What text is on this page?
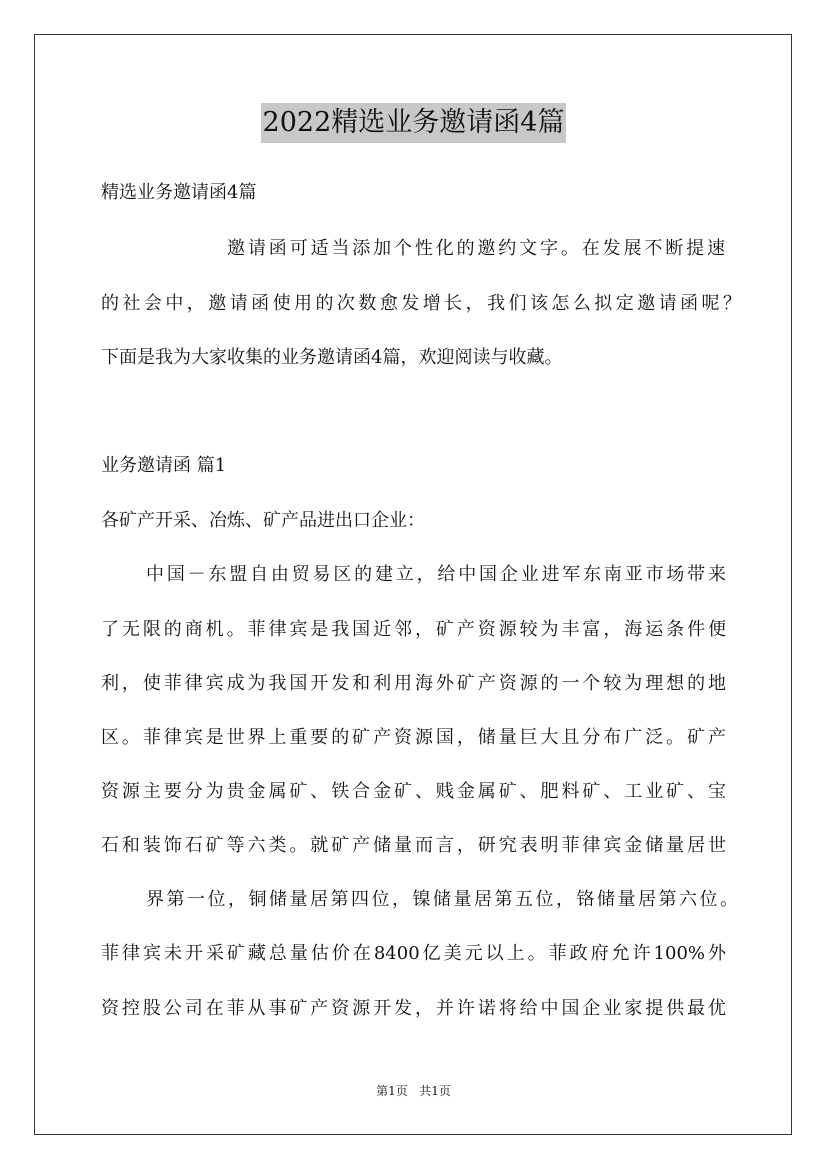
2022精选业务邀请函4篇
精选业务邀请函4篇
邀请函可适当添加个性化的邀约文字。在发展不断提速
的社会中，邀请函使用的次数愈发增长，我们该怎么拟定邀请函呢？
下面是我为大家收集的业务邀请函4篇，欢迎阅读与收藏。
业务邀请函 篇1
各矿产开采、冶炼、矿产品进出口企业：
中国－东盟自由贸易区的建立，给中国企业进军东南亚市场带来
了无限的商机。菲律宾是我国近邻，矿产资源较为丰富，海运条件便
利，使菲律宾成为我国开发和利用海外矿产资源的一个较为理想的地
区。菲律宾是世界上重要的矿产资源国，储量巨大且分布广泛。矿产
资源主要分为贵金属矿、铁合金矿、贱金属矿、肥料矿、工业矿、宝
石和装饰石矿等六类。就矿产储量而言，研究表明菲律宾金储量居世
界第一位，铜储量居第四位，镍储量居第五位，铬储量居第六位。
菲律宾未开采矿藏总量估价在8400亿美元以上。菲政府允许100%外
资控股公司在菲从事矿产资源开发，并许诺将给中国企业家提供最优
第1页 共1页
